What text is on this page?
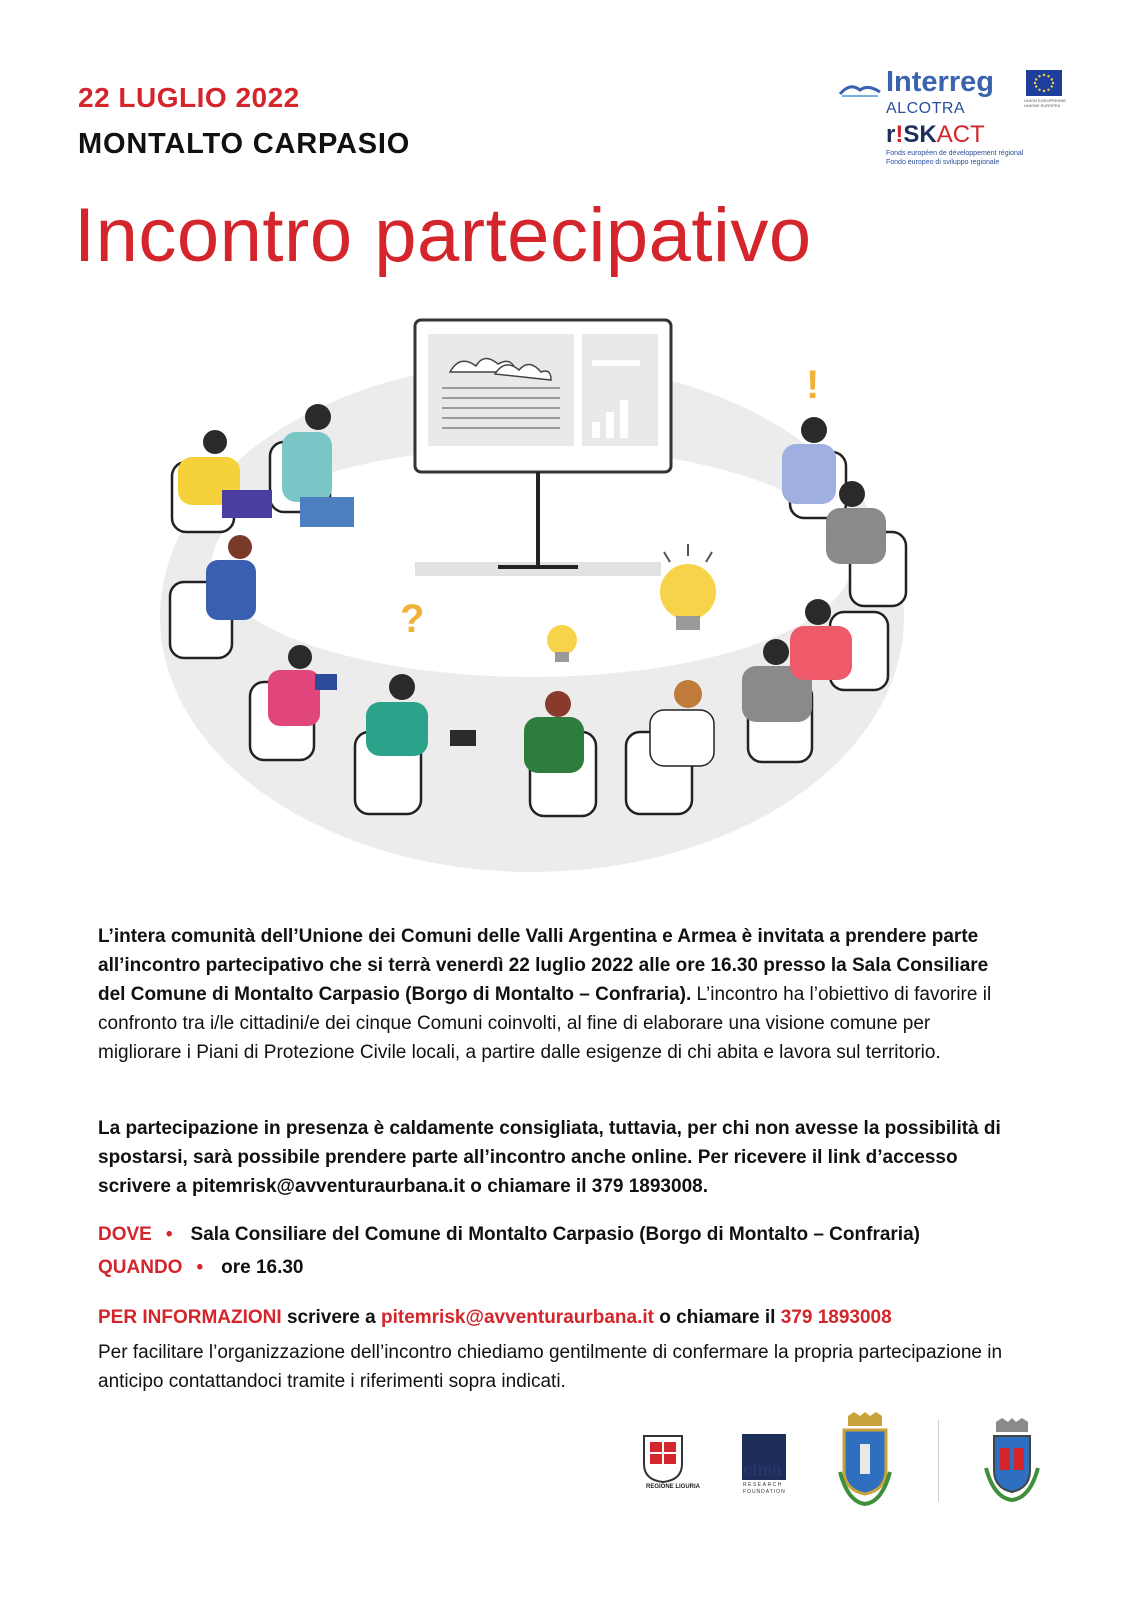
22 LUGLIO 2022
MONTALTO CARPASIO
Interreg
ALCOTRA
r!SKACT
Fonds européen de développement régional
Fondo europeo di sviluppo regionale
UNION EUROPÉENNE
UNIONE EUROPEA
Incontro partecipativo
?
!
L’intera comunità dell’Unione dei Comuni delle Valli Argentina e Armea è invitata a prendere parte all’incontro partecipativo che si terrà venerdì 22 luglio 2022 alle ore 16.30 presso la Sala Consiliare del Comune di Montalto Carpasio (Borgo di Montalto – Confraria). L’incontro ha l’obiettivo di favorire il confronto tra i/le cittadini/e dei cinque Comuni coinvolti, al fine di elaborare una visione comune per migliorare i Piani di Protezione Civile locali, a partire dalle esigenze di chi abita e lavora sul territorio.
La partecipazione in presenza è caldamente consigliata, tuttavia, per chi non avesse la possibilità di spostarsi, sarà possibile prendere parte all’incontro anche online. Per ricevere il link d’accesso scrivere a pitemrisk@avventuraurbana.it o chiamare il 379 1893008.
DOVE • Sala Consiliare del Comune di Montalto Carpasio (Borgo di Montalto – Confraria)
QUANDO • ore 16.30
PER INFORMAZIONI scrivere a pitemrisk@avventuraurbana.it o chiamare il 379 1893008
Per facilitare l’organizzazione dell’incontro chiediamo gentilmente di confermare la propria partecipazione in anticipo contattandoci tramite i riferimenti sopra indicati.
REGIONE LIGURIA
cima
RESEARCH
FOUNDATION
